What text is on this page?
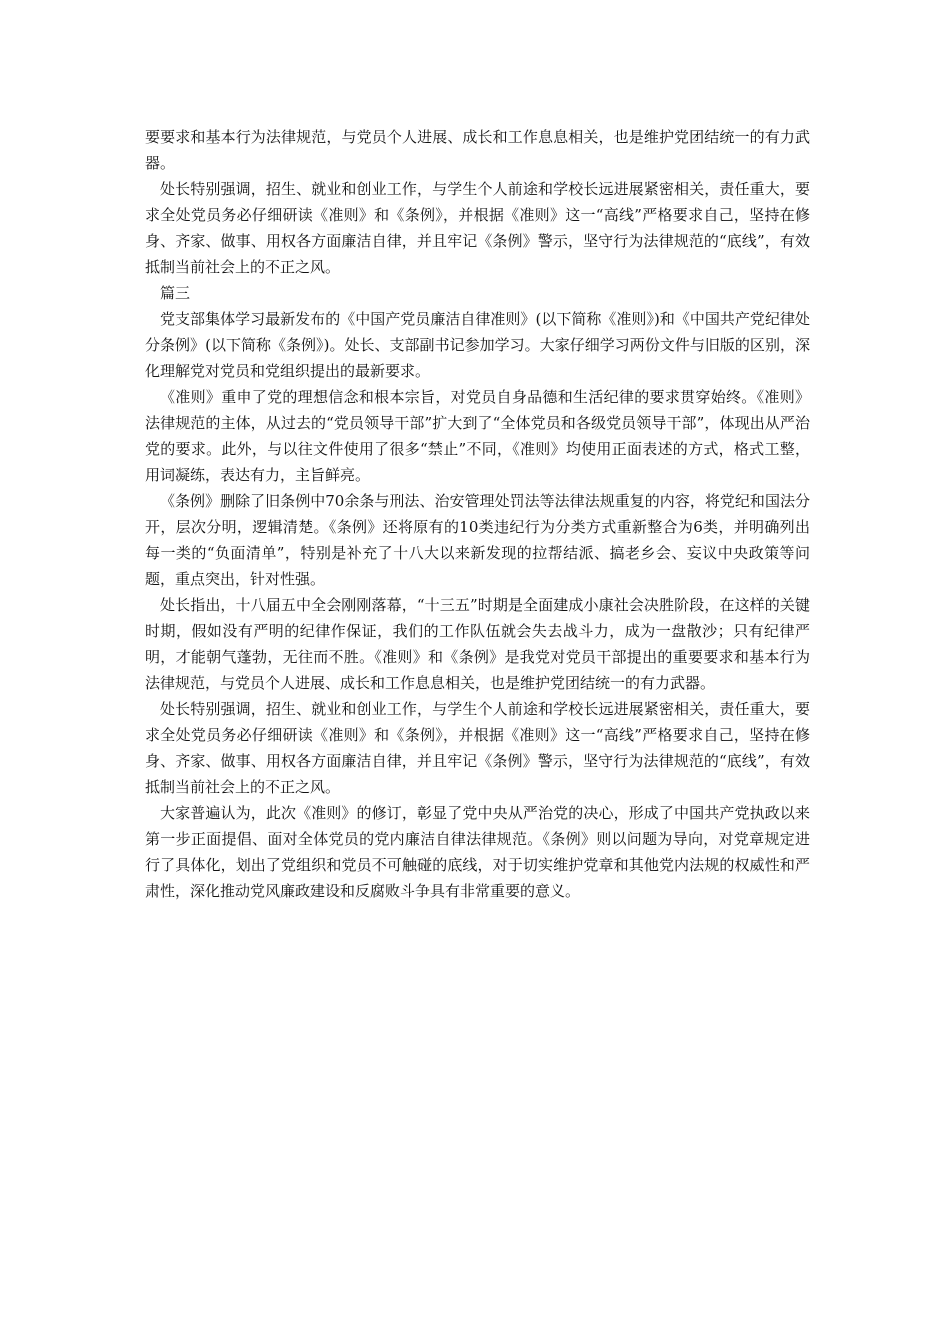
要要求和基本行为法律规范，与党员个人进展、成长和工作息息相关，也是维护党团结统一的有力武器。

处长特别强调，招生、就业和创业工作，与学生个人前途和学校长远进展紧密相关，责任重大，要求全处党员务必仔细研读《准则》和《条例》，并根据《准则》这一“高线”严格要求自己，坚持在修身、齐家、做事、用权各方面廉洁自律，并且牢记《条例》警示，坚守行为法律规范的“底线”，有效抵制当前社会上的不正之风。

篇三

党支部集体学习最新发布的《中国产党员廉洁自律准则》(以下简称《准则》)和《中国共产党纪律处分条例》(以下简称《条例》)。处长、支部副书记参加学习。大家仔细学习两份文件与旧版的区别，深化理解党对党员和党组织提出的最新要求。

《准则》重申了党的理想信念和根本宗旨，对党员自身品德和生活纪律的要求贯穿始终。《准则》法律规范的主体，从过去的“党员领导干部”扩大到了“全体党员和各级党员领导干部”，体现出从严治党的要求。此外，与以往文件使用了很多“禁止”不同，《准则》均使用正面表述的方式，格式工整，用词凝练，表达有力，主旨鲜亮。

《条例》删除了旧条例中70余条与刑法、治安管理处罚法等法律法规重复的内容，将党纪和国法分开，层次分明，逻辑清楚。《条例》还将原有的10类违纪行为分类方式重新整合为6类，并明确列出每一类的“负面清单”，特别是补充了十八大以来新发现的拉帮结派、搞老乡会、妄议中央政策等问题，重点突出，针对性强。

处长指出，十八届五中全会刚刚落幕，“十三五”时期是全面建成小康社会决胜阶段，在这样的关键时期，假如没有严明的纪律作保证，我们的工作队伍就会失去战斗力，成为一盘散沙；只有纪律严明，才能朝气蓬勃，无往而不胜。《准则》和《条例》是我党对党员干部提出的重要要求和基本行为法律规范，与党员个人进展、成长和工作息息相关，也是维护党团结统一的有力武器。

处长特别强调，招生、就业和创业工作，与学生个人前途和学校长远进展紧密相关，责任重大，要求全处党员务必仔细研读《准则》和《条例》，并根据《准则》这一“高线”严格要求自己，坚持在修身、齐家、做事、用权各方面廉洁自律，并且牢记《条例》警示，坚守行为法律规范的“底线”，有效抵制当前社会上的不正之风。

大家普遍认为，此次《准则》的修订，彰显了党中央从严治党的决心，形成了中国共产党执政以来第一步正面提倡、面对全体党员的党内廉洁自律法律规范。《条例》则以问题为导向，对党章规定进行了具体化，划出了党组织和党员不可触碰的底线，对于切实维护党章和其他党内法规的权威性和严肃性，深化推动党风廉政建设和反腐败斗争具有非常重要的意义。
